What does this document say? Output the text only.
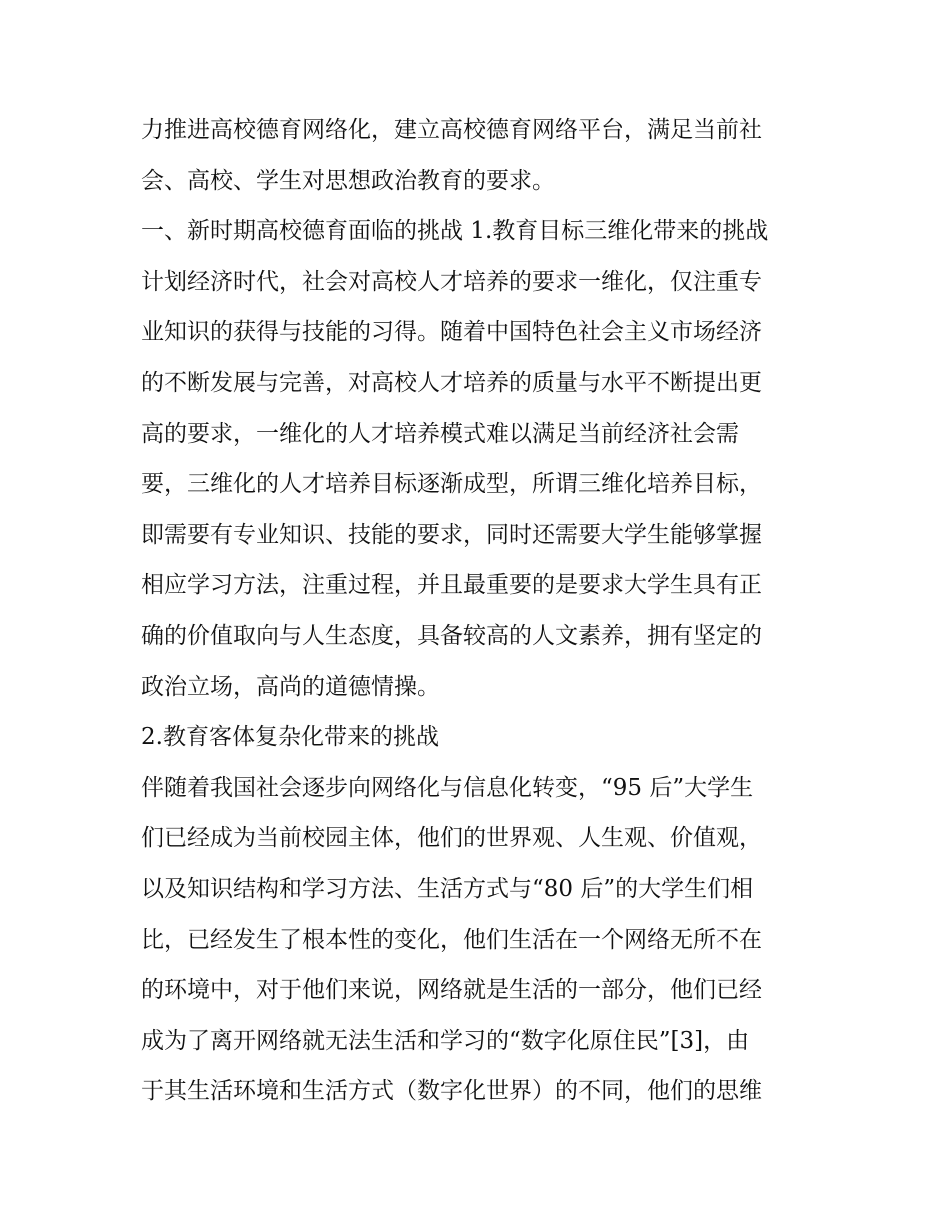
力推进高校德育网络化，建立高校德育网络平台，满足当前社
会、高校、学生对思想政治教育的要求。
一、新时期高校德育面临的挑战 1.教育目标三维化带来的挑战
计划经济时代，社会对高校人才培养的要求一维化，仅注重专
业知识的获得与技能的习得。随着中国特色社会主义市场经济
的不断发展与完善，对高校人才培养的质量与水平不断提出更
高的要求，一维化的人才培养模式难以满足当前经济社会需
要，三维化的人才培养目标逐渐成型，所谓三维化培养目标，
即需要有专业知识、技能的要求，同时还需要大学生能够掌握
相应学习方法，注重过程，并且最重要的是要求大学生具有正
确的价值取向与人生态度，具备较高的人文素养，拥有坚定的
政治立场，高尚的道德情操。
2.教育客体复杂化带来的挑战
伴随着我国社会逐步向网络化与信息化转变，“95 后”大学生
们已经成为当前校园主体，他们的世界观、人生观、价值观，
以及知识结构和学习方法、生活方式与“80 后”的大学生们相
比，已经发生了根本性的变化，他们生活在一个网络无所不在
的环境中，对于他们来说，网络就是生活的一部分，他们已经
成为了离开网络就无法生活和学习的“数字化原住民”[3]，由
于其生活环境和生活方式（数字化世界）的不同，他们的思维
